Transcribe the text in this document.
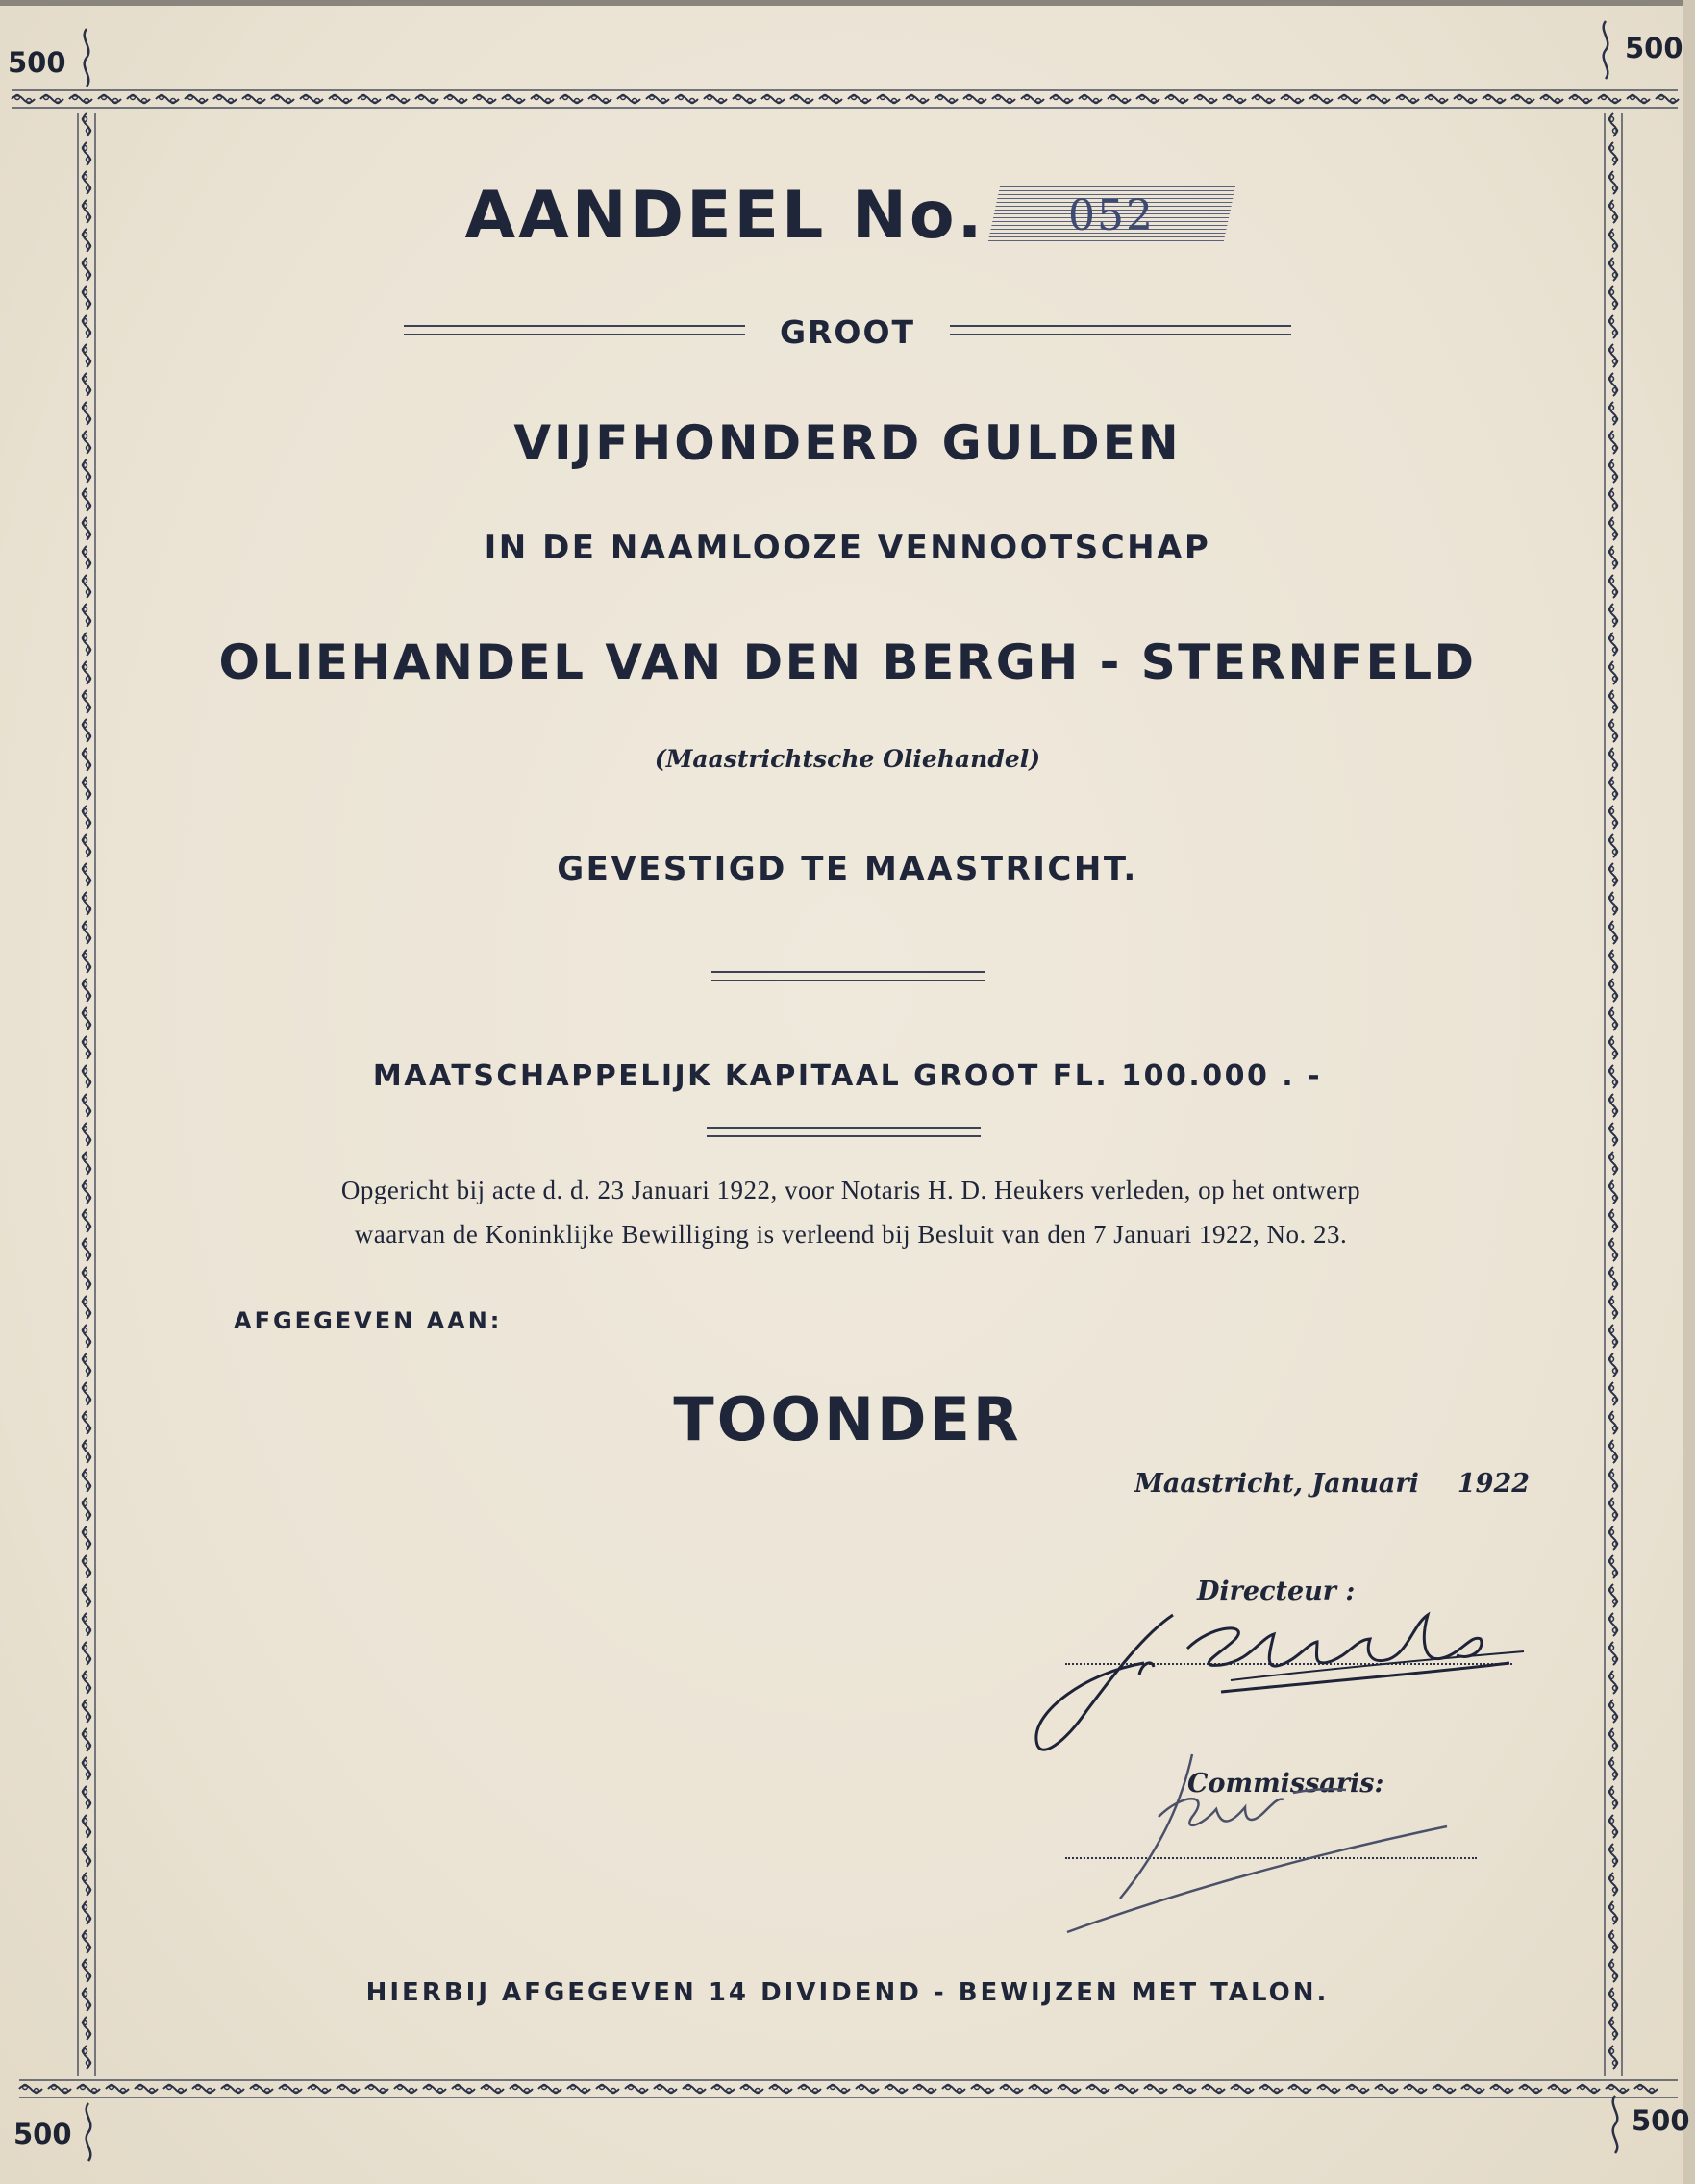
500	500
500	500
AANDEEL No.	052
GROOT
VIJFHONDERD GULDEN
IN DE NAAMLOOZE VENNOOTSCHAP
OLIEHANDEL VAN DEN BERGH - STERNFELD
(Maastrichtsche Oliehandel)
GEVESTIGD TE MAASTRICHT.
MAATSCHAPPELIJK KAPITAAL GROOT FL. 100.000 . -
Opgericht bij acte d. d. 23 Januari 1922, voor Notaris H. D. Heukers verleden, op het ontwerp
waarvan de Koninklijke Bewilliging is verleend bij Besluit van den 7 Januari 1922, No. 23.
AFGEGEVEN AAN:
TOONDER
Maastricht, Januari 1922
Directeur :
Commissaris:
HIERBIJ AFGEGEVEN 14 DIVIDEND - BEWIJZEN MET TALON.
